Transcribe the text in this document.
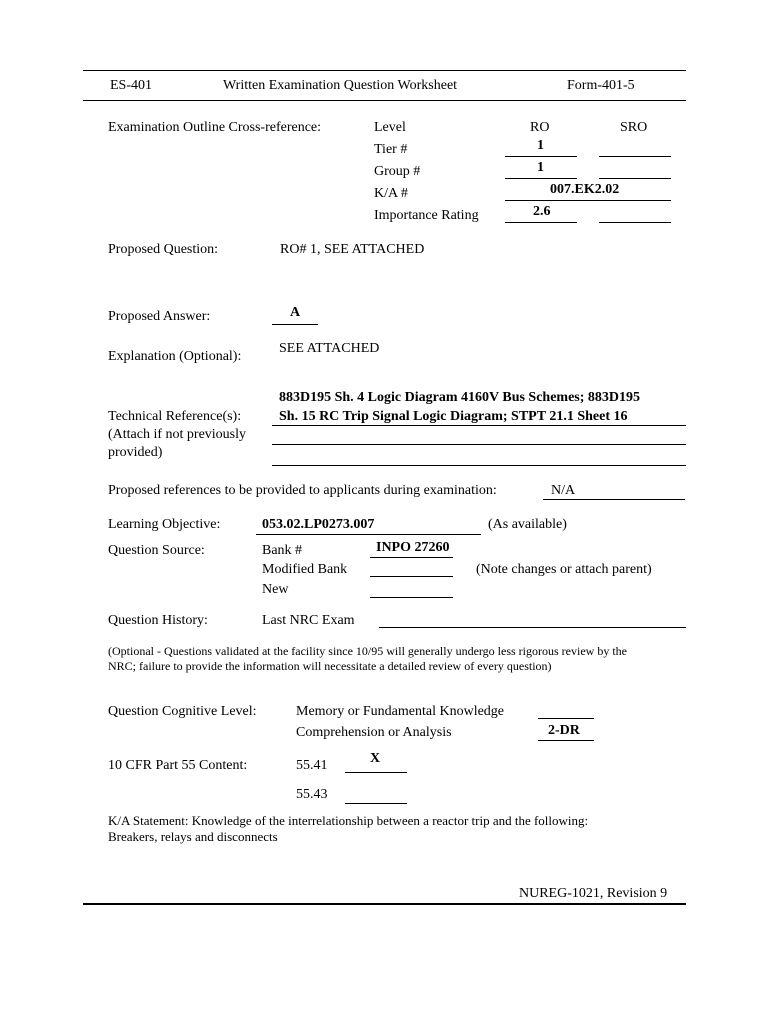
ES-401	Written Examination Question Worksheet	Form-401-5
Examination Outline Cross-reference:	Level	RO	SRO
Tier #	1
Group #	1
K/A #	007.EK2.02
Importance Rating	2.6
Proposed Question:	RO# 1, SEE ATTACHED
Proposed Answer:	A
Explanation (Optional):
SEE ATTACHED
883D195 Sh. 4 Logic Diagram 4160V Bus Schemes; 883D195
Technical Reference(s):	Sh. 15 RC Trip Signal Logic Diagram; STPT 21.1 Sheet 16
(Attach if not previously
provided)
Proposed references to be provided to applicants during examination:	N/A
Learning Objective:	053.02.LP0273.007	(As available)
Question Source:	Bank #	INPO 27260
Modified Bank	(Note changes or attach parent)
New
Question History:	Last NRC Exam
(Optional - Questions validated at the facility since 10/95 will generally undergo less rigorous review by the
NRC; failure to provide the information will necessitate a detailed review of every question)
Question Cognitive Level:	Memory or Fundamental Knowledge
Comprehension or Analysis	2-DR
10 CFR Part 55 Content:	55.41	X
55.43
K/A Statement: Knowledge of the interrelationship between a reactor trip and the following:
Breakers, relays and disconnects
NUREG-1021, Revision 9
